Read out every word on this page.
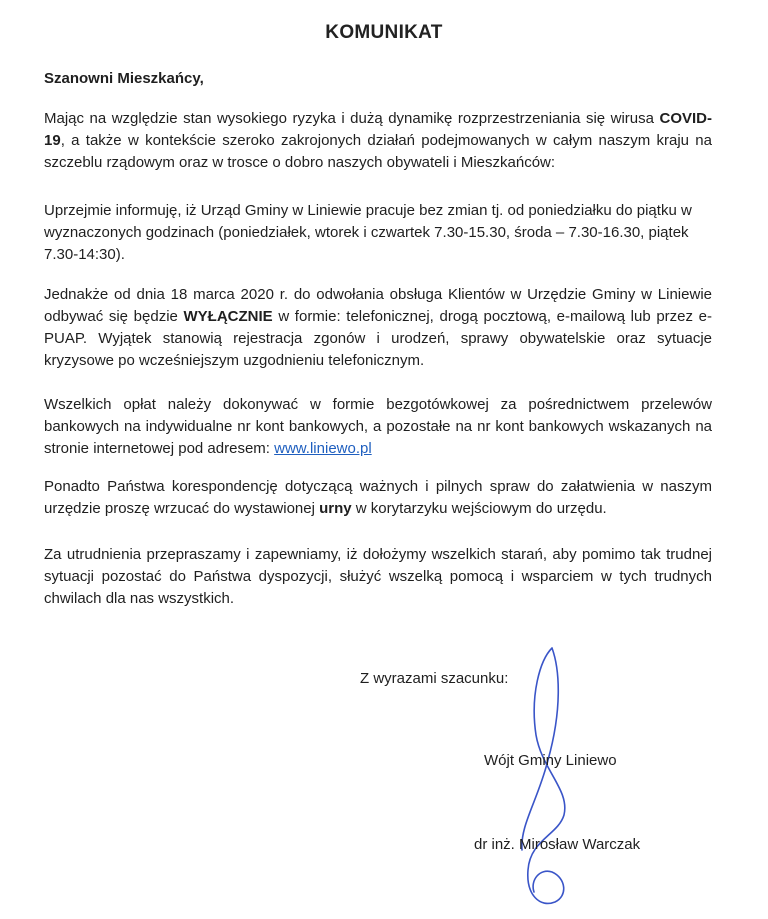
KOMUNIKAT
Szanowni Mieszkańcy,
Mając na względzie stan wysokiego ryzyka i dużą dynamikę rozprzestrzeniania się wirusa COVID- 19, a także w kontekście szeroko zakrojonych działań podejmowanych w całym naszym kraju na szczeblu rządowym oraz w trosce o dobro naszych obywateli i Mieszkańców:
Uprzejmie informuję, iż Urząd Gminy w Liniewie pracuje bez zmian tj. od poniedziałku do piątku w wyznaczonych godzinach (poniedziałek, wtorek i czwartek 7.30-15.30, środa – 7.30-16.30, piątek 7.30-14:30).
Jednakże od dnia 18 marca 2020 r. do odwołania obsługa Klientów w Urzędzie Gminy w Liniewie odbywać się będzie WYŁĄCZNIE w formie: telefonicznej, drogą pocztową, e-mailową lub przez e-PUAP. Wyjątek stanowią rejestracja zgonów i urodzeń, sprawy obywatelskie oraz sytuacje kryzysowe po wcześniejszym uzgodnieniu telefonicznym.
Wszelkich opłat należy dokonywać w formie bezgotówkowej za pośrednictwem przelewów bankowych na indywidualne nr kont bankowych, a pozostałe na nr kont bankowych wskazanych na stronie internetowej pod adresem: www.liniewo.pl
Ponadto Państwa korespondencję dotyczącą ważnych i pilnych spraw do załatwienia w naszym urzędzie proszę wrzucać do wystawionej urny w korytarzyku wejściowym do urzędu.
Za utrudnienia przepraszamy i zapewniamy, iż dołożymy wszelkich starań, aby pomimo tak trudnej sytuacji pozostać do Państwa dyspozycji, służyć wszelką pomocą i wsparciem w tych trudnych chwilach dla nas wszystkich.
Z wyrazami szacunku:
Wójt Gminy Liniewo
dr inż. Mirosław Warczak
